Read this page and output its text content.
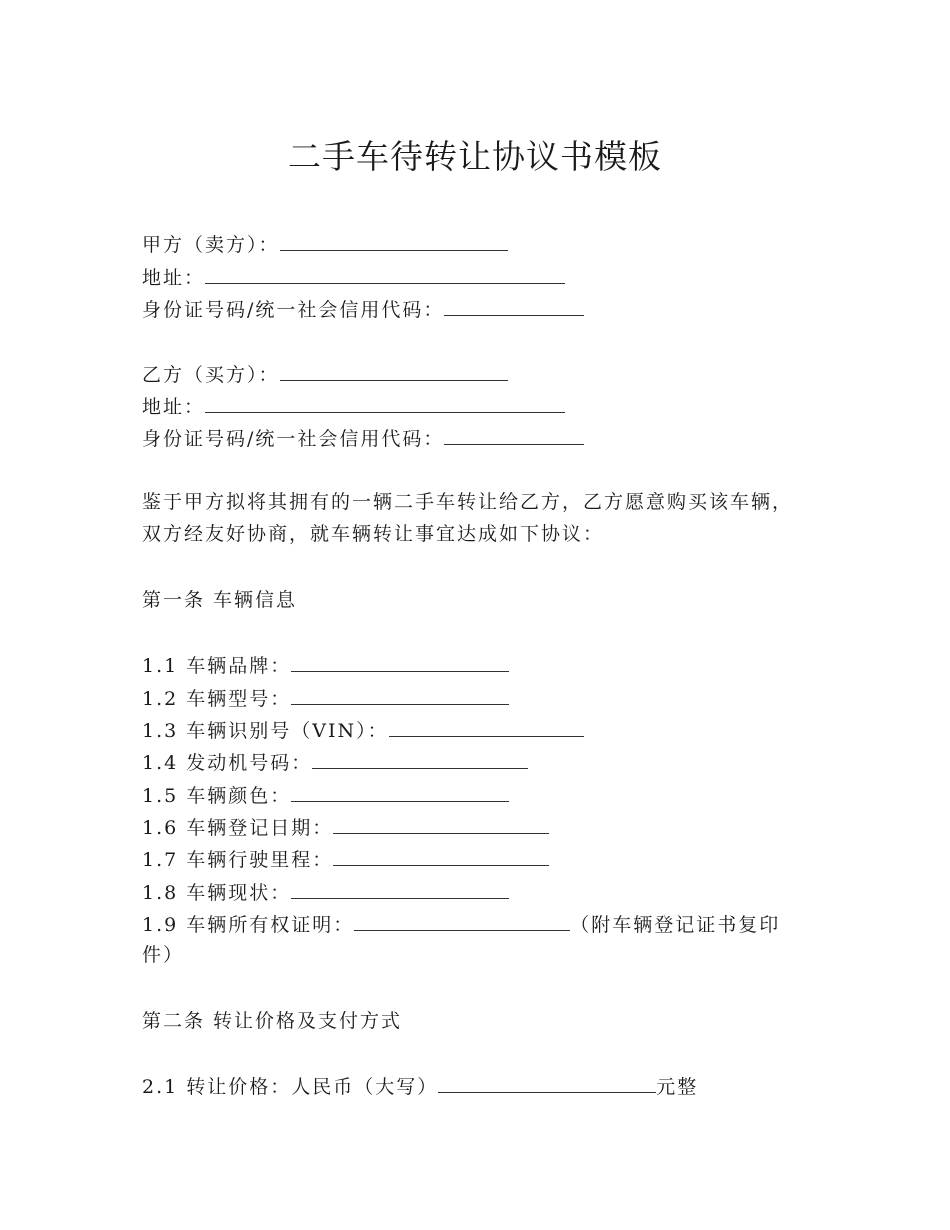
二手车待转让协议书模板
甲方（卖方）：
地址：
身份证号码/统一社会信用代码：
乙方（买方）：
地址：
身份证号码/统一社会信用代码：
鉴于甲方拟将其拥有的一辆二手车转让给乙方，乙方愿意购买该车辆，
双方经友好协商，就车辆转让事宜达成如下协议：
第一条 车辆信息
1.1 车辆品牌：
1.2 车辆型号：
1.3 车辆识别号（VIN）：
1.4 发动机号码：
1.5 车辆颜色：
1.6 车辆登记日期：
1.7 车辆行驶里程：
1.8 车辆现状：
1.9 车辆所有权证明：	（附车辆登记证书复印
件）
第二条 转让价格及支付方式
2.1 转让价格：人民币（大写）	元整
